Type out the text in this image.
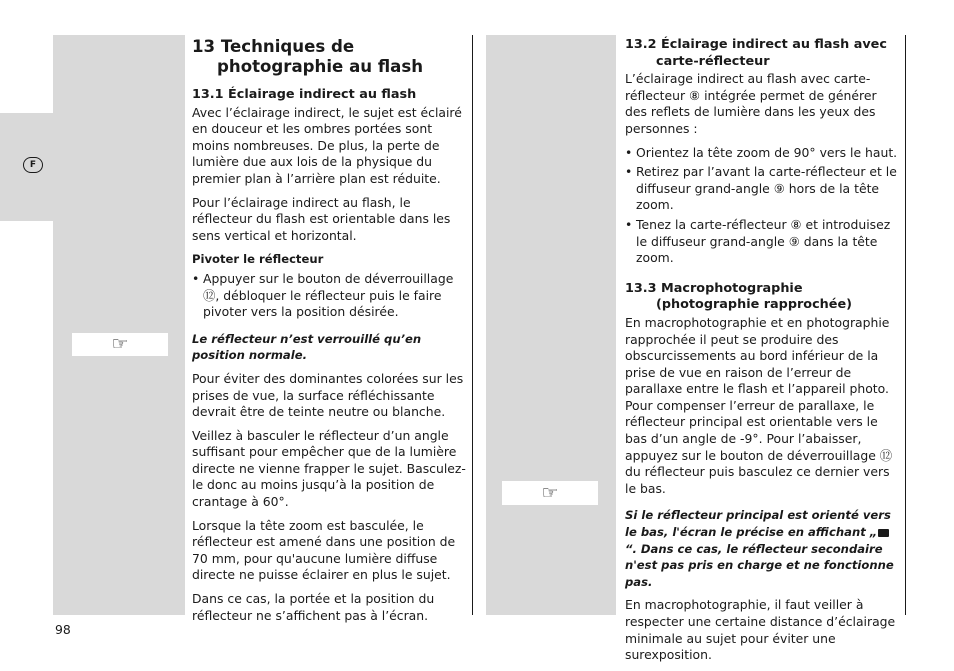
F
☞
☞
13 Techniques de photographie au flash
13.1 Éclairage indirect au flash

Avec l’éclairage indirect, le sujet est éclairé en douceur et les ombres portées sont moins nombreuses. De plus, la perte de lumière due aux lois de la physique du premier plan à l’arrière plan est réduite.

Pour l’éclairage indirect au flash, le réflecteur du flash est orientable dans les sens vertical et horizontal.

Pivoter le réflecteur
• Appuyer sur le bouton de déverrouillage ⑫, débloquer le réflecteur puis le faire pivoter vers la position désirée.

Le réflecteur n’est verrouillé qu’en position normale.

Pour éviter des dominantes colorées sur les prises de vue, la surface réfléchissante devrait être de teinte neutre ou blanche.

Veillez à basculer le réflecteur d’un angle suffisant pour empêcher que de la lumière directe ne vienne frapper le sujet. Basculez-le donc au moins jusqu’à la position de crantage à 60°.

Lorsque la tête zoom est basculée, le réflecteur est amené dans une position de 70 mm, pour qu'aucune lumière diffuse directe ne puisse éclairer en plus le sujet.

Dans ce cas, la portée et la position du réflecteur ne s’affichent pas à l’écran.

13.2 Éclairage indirect au flash avec carte-réflecteur

L’éclairage indirect au flash avec carte-réflecteur ⑧ intégrée permet de générer des reflets de lumière dans les yeux des personnes :

• Orientez la tête zoom de 90° vers le haut.
• Retirez par l’avant la carte-réflecteur et le diffuseur grand-angle ⑨ hors de la tête zoom.
• Tenez la carte-réflecteur ⑧ et introduisez le diffuseur grand-angle ⑨ dans la tête zoom.
13.3 Macrophotographie (photographie rapprochée)

En macrophotographie et en photographie rapprochée il peut se produire des obscurcissements au bord inférieur de la prise de vue en raison de l’erreur de parallaxe entre le flash et l’appareil photo. Pour compenser l’erreur de parallaxe, le réflecteur principal est orientable vers le bas d’un angle de -9°. Pour l’abaisser, appuyez sur le bouton de déverrouillage ⑫ du réflecteur puis basculez ce dernier vers le bas.

Si le réflecteur principal est orienté vers le bas, l'écran le précise en affichant „“. Dans ce cas, le réflecteur secondaire n'est pas pris en charge et ne fonctionne pas.

En macrophotographie, il faut veiller à respecter une certaine distance d’éclairage minimale au sujet pour éviter une surexposition.

98
